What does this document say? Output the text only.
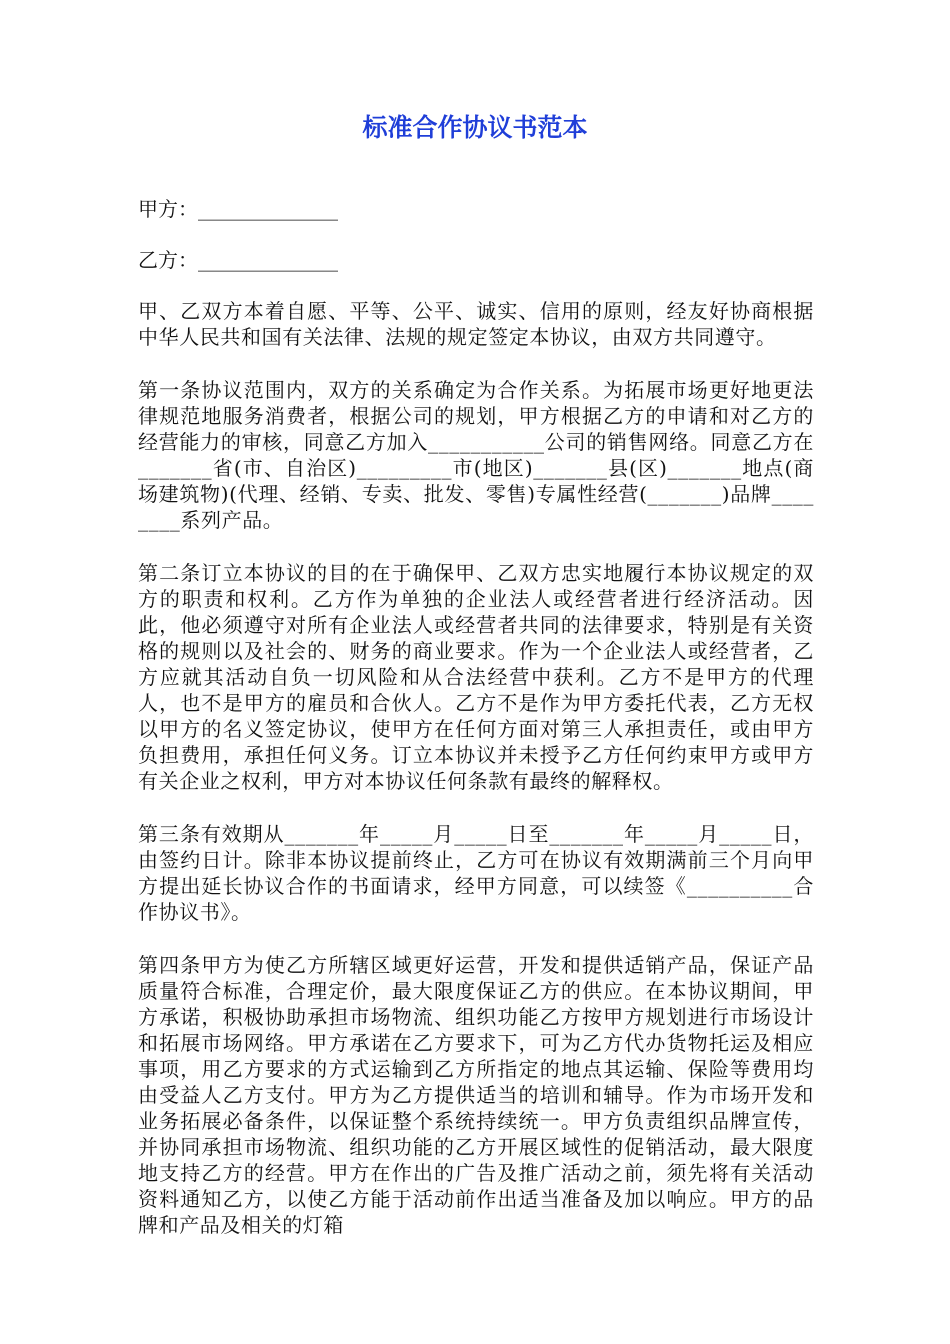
标准合作协议书范本

甲方：______________

乙方：______________

甲、乙双方本着自愿、平等、公平、诚实、信用的原则，经友好协商根据中华人民共和国有关法律、法规的规定签定本协议，由双方共同遵守。

第一条协议范围内，双方的关系确定为合作关系。为拓展市场更好地更法律规范地服务消费者，根据公司的规划，甲方根据乙方的申请和对乙方的经营能力的审核，同意乙方加入___________公司的销售网络。同意乙方在_______省(市、自治区)_________市(地区)_______县(区)_______地点(商场建筑物)(代理、经销、专卖、批发、零售)专属性经营(_______)品牌________系列产品。

第二条订立本协议的目的在于确保甲、乙双方忠实地履行本协议规定的双方的职责和权利。乙方作为单独的企业法人或经营者进行经济活动。因此，他必须遵守对所有企业法人或经营者共同的法律要求，特别是有关资格的规则以及社会的、财务的商业要求。作为一个企业法人或经营者，乙方应就其活动自负一切风险和从合法经营中获利。乙方不是甲方的代理人，也不是甲方的雇员和合伙人。乙方不是作为甲方委托代表，乙方无权以甲方的名义签定协议，使甲方在任何方面对第三人承担责任，或由甲方负担费用，承担任何义务。订立本协议并未授予乙方任何约束甲方或甲方有关企业之权利，甲方对本协议任何条款有最终的解释权。

第三条有效期从_______年_____月_____日至_______年_____月_____日，由签约日计。除非本协议提前终止，乙方可在协议有效期满前三个月向甲方提出延长协议合作的书面请求，经甲方同意，可以续签《__________合作协议书》。

第四条甲方为使乙方所辖区域更好运营，开发和提供适销产品，保证产品质量符合标准，合理定价，最大限度保证乙方的供应。在本协议期间，甲方承诺，积极协助承担市场物流、组织功能乙方按甲方规划进行市场设计和拓展市场网络。甲方承诺在乙方要求下，可为乙方代办货物托运及相应事项，用乙方要求的方式运输到乙方所指定的地点其运输、保险等费用均由受益人乙方支付。甲方为乙方提供适当的培训和辅导。作为市场开发和业务拓展必备条件，以保证整个系统持续统一。甲方负责组织品牌宣传，并协同承担市场物流、组织功能的乙方开展区域性的促销活动，最大限度地支持乙方的经营。甲方在作出的广告及推广活动之前，须先将有关活动资料通知乙方，以使乙方能于活动前作出适当准备及加以响应。甲方的品牌和产品及相关的灯箱
